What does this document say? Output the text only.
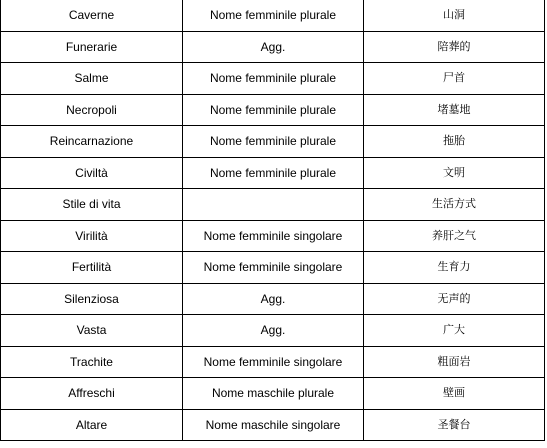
Caverne	Nome femminile plurale	山洞
Funerarie	Agg.	陪葬的
Salme	Nome femminile plurale	尸首
Necropoli	Nome femminile plurale	堵墓地
Reincarnazione	Nome femminile plurale	拖胎
Civiltà	Nome femminile plurale	文明
Stile di vita		生活方式
Virilità	Nome femminile singolare	养肝之气
Fertilità	Nome femminile singolare	生育力
Silenziosa	Agg.	无声的
Vasta	Agg.	广大
Trachite	Nome femminile singolare	粗面岩
Affreschi	Nome maschile plurale	壁画
Altare	Nome maschile singolare	圣餐台
